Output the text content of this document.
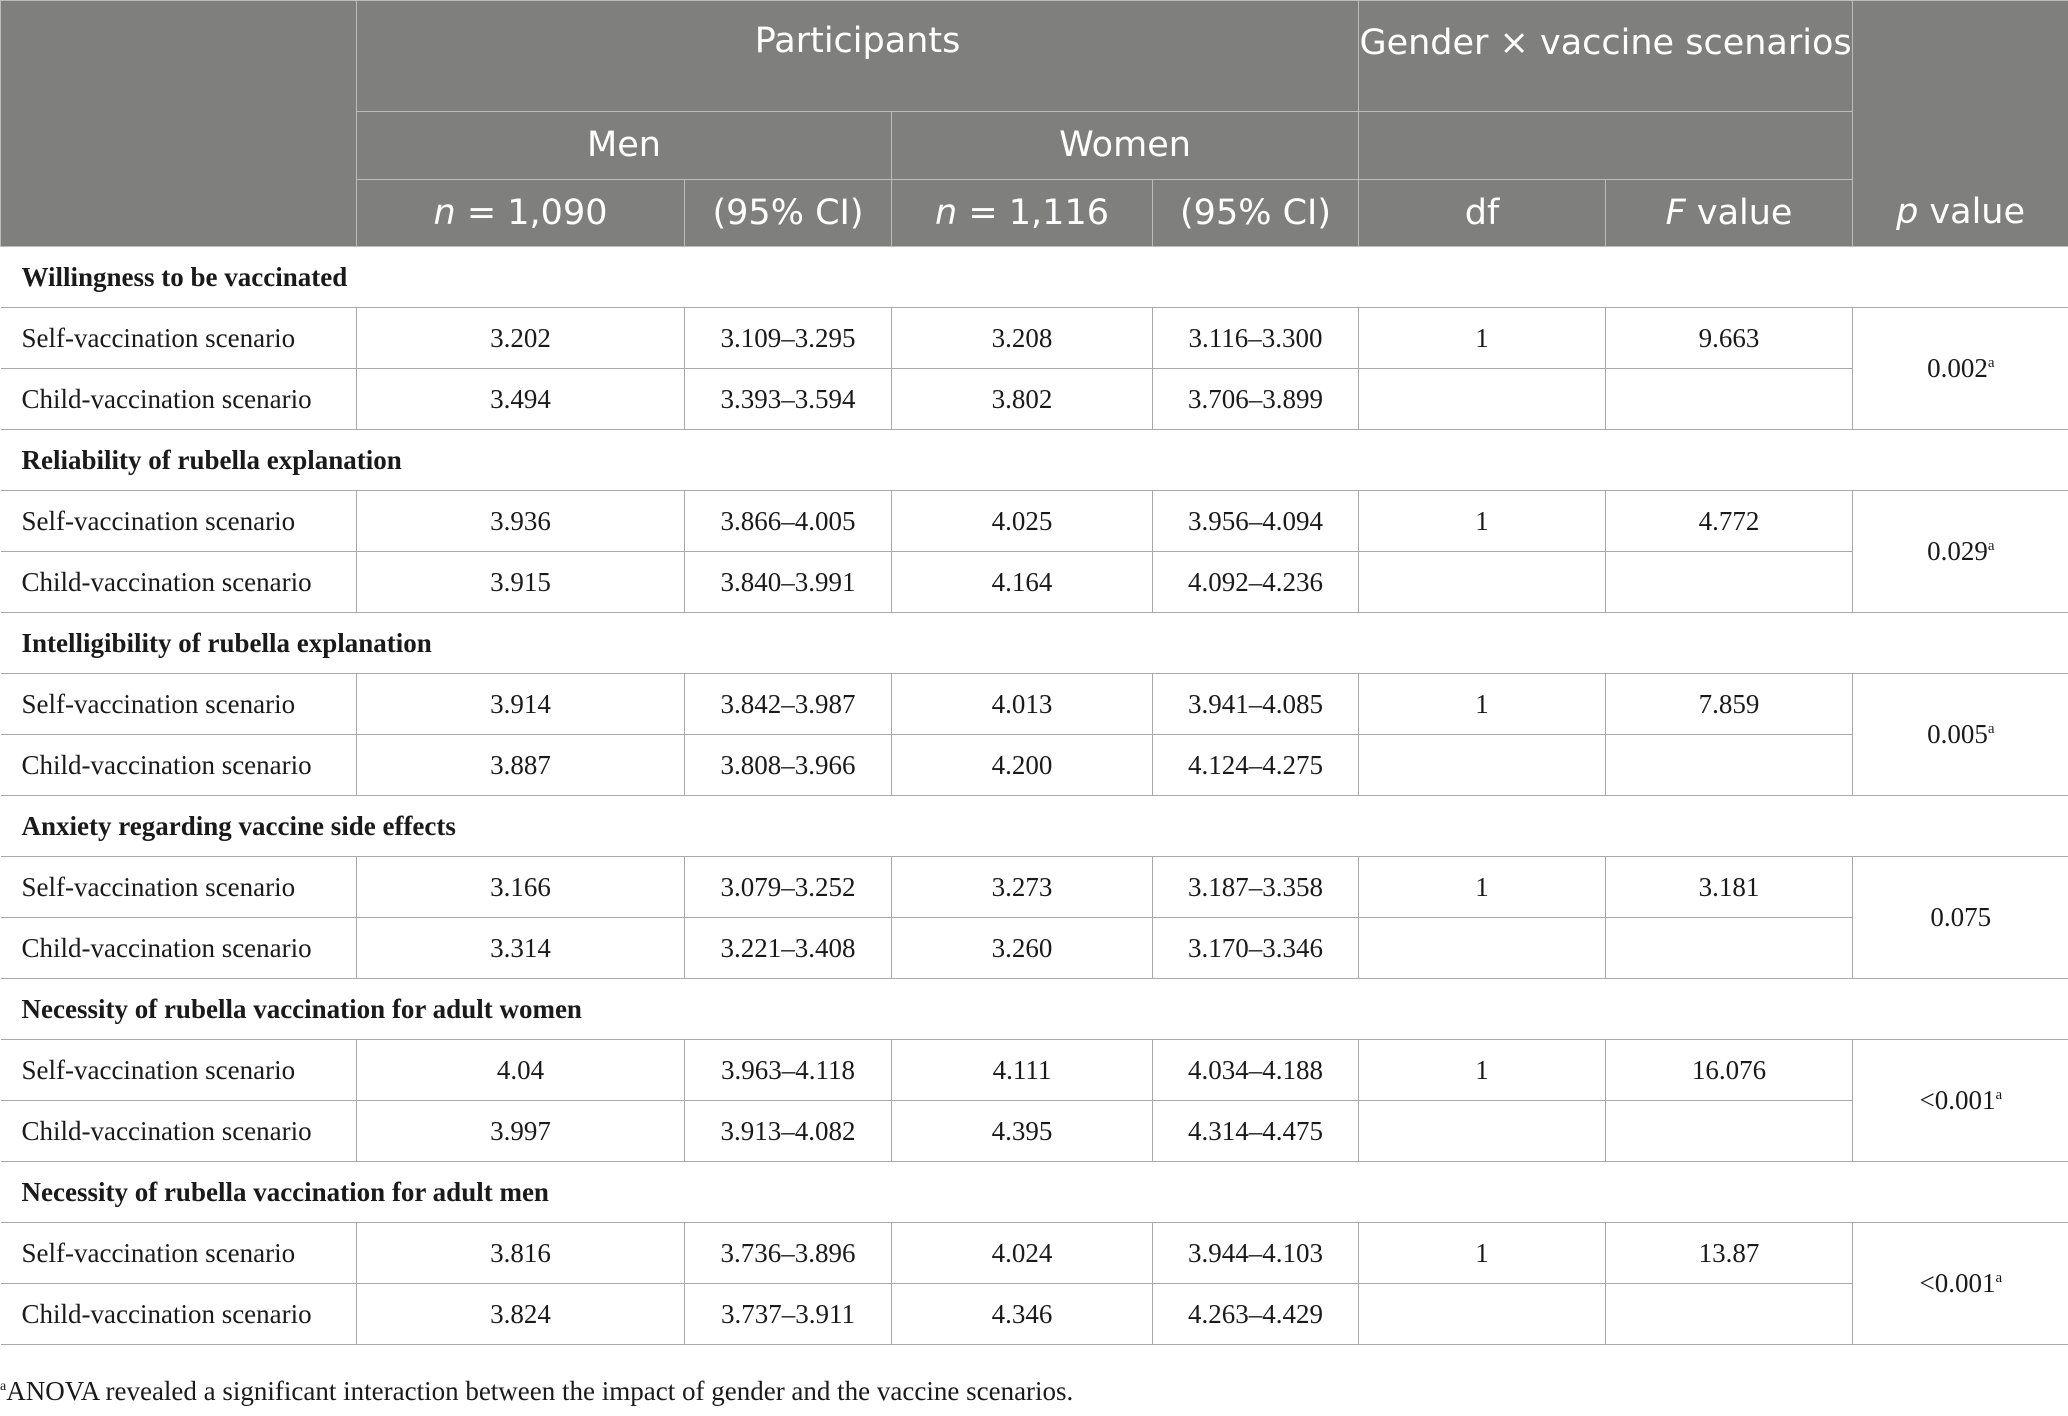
	Participants				Gender × vaccine scenarios		p value
	Men		Women				
	n = 1,090	(95% CI)	n = 1,116	(95% CI)	df	F value	
Willingness to be vaccinated							
Self-vaccination scenario	3.202	3.109–3.295	3.208	3.116–3.300	1	9.663	0.002$^a$
Child-vaccination scenario	3.494	3.393–3.594	3.802	3.706–3.899			
Reliability of rubella explanation							
Self-vaccination scenario	3.936	3.866–4.005	4.025	3.956–4.094	1	4.772	0.029$^a$
Child-vaccination scenario	3.915	3.840–3.991	4.164	4.092–4.236			
Intelligibility of rubella explanation							
Self-vaccination scenario	3.914	3.842–3.987	4.013	3.941–4.085	1	7.859	0.005$^a$
Child-vaccination scenario	3.887	3.808–3.966	4.200	4.124–4.275			
Anxiety regarding vaccine side effects							
Self-vaccination scenario	3.166	3.079–3.252	3.273	3.187–3.358	1	3.181	0.075
Child-vaccination scenario	3.314	3.221–3.408	3.260	3.170–3.346			
Necessity of rubella vaccination for adult women							
Self-vaccination scenario	4.04	3.963–4.118	4.111	4.034–4.188	1	16.076	<0.001$^a$
Child-vaccination scenario	3.997	3.913–4.082	4.395	4.314–4.475			
Necessity of rubella vaccination for adult men							
Self-vaccination scenario	3.816	3.736–3.896	4.024	3.944–4.103	1	13.87	<0.001$^a$
Child-vaccination scenario	3.824	3.737–3.911	4.346	4.263–4.429			
$^a$ANOVA revealed a significant interaction between the impact of gender and the vaccine scenarios.
